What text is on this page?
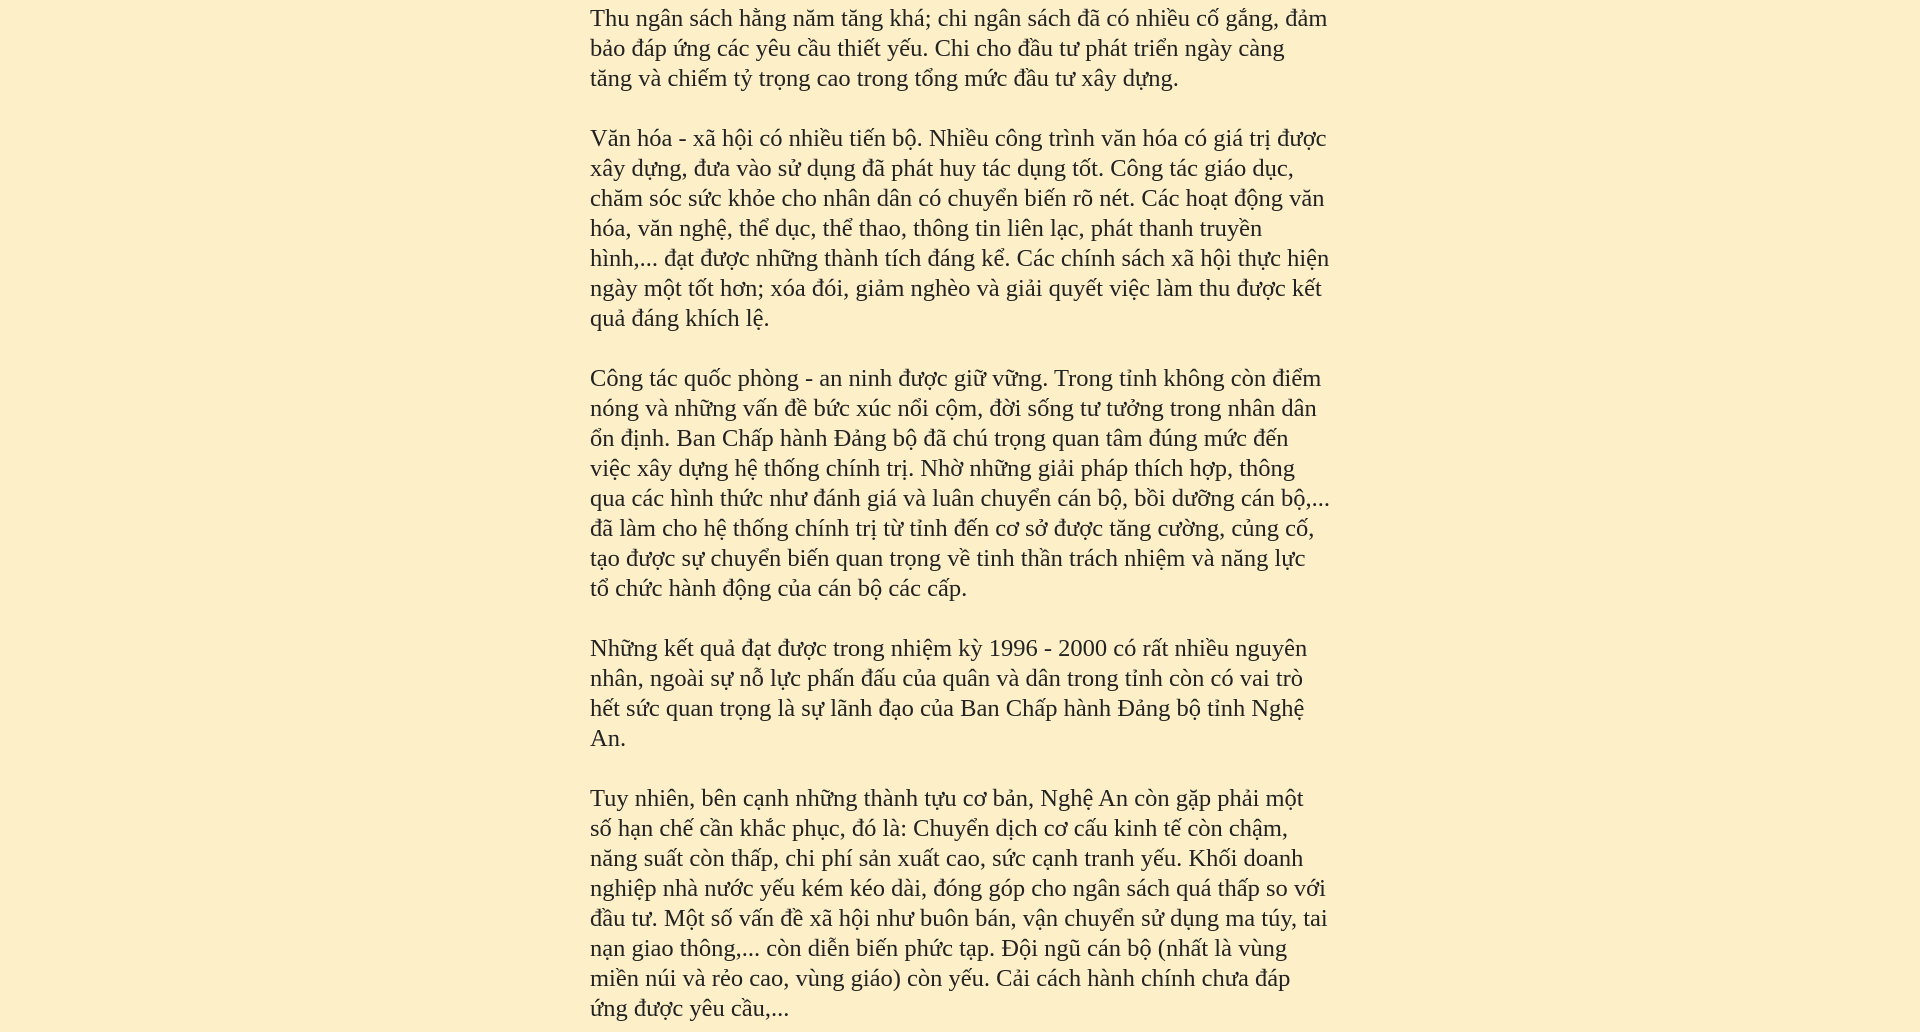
Thu ngân sách hằng năm tăng khá; chi ngân sách đã có nhiều cố gắng, đảm bảo đáp ứng các yêu cầu thiết yếu. Chi cho đầu tư phát triển ngày càng tăng và chiếm tỷ trọng cao trong tổng mức đầu tư xây dựng.

Văn hóa - xã hội có nhiều tiến bộ. Nhiều công trình văn hóa có giá trị được xây dựng, đưa vào sử dụng đã phát huy tác dụng tốt. Công tác giáo dục, chăm sóc sức khỏe cho nhân dân có chuyển biến rõ nét. Các hoạt động văn hóa, văn nghệ, thể dục, thể thao, thông tin liên lạc, phát thanh truyền hình,... đạt được những thành tích đáng kể. Các chính sách xã hội thực hiện ngày một tốt hơn; xóa đói, giảm nghèo và giải quyết việc làm thu được kết quả đáng khích lệ.

Công tác quốc phòng - an ninh được giữ vững. Trong tỉnh không còn điểm nóng và những vấn đề bức xúc nổi cộm, đời sống tư tưởng trong nhân dân ổn định. Ban Chấp hành Đảng bộ đã chú trọng quan tâm đúng mức đến việc xây dựng hệ thống chính trị. Nhờ những giải pháp thích hợp, thông qua các hình thức như đánh giá và luân chuyển cán bộ, bồi dưỡng cán bộ,... đã làm cho hệ thống chính trị từ tỉnh đến cơ sở được tăng cường, củng cố, tạo được sự chuyển biến quan trọng về tinh thần trách nhiệm và năng lực tổ chức hành động của cán bộ các cấp.

Những kết quả đạt được trong nhiệm kỳ 1996 - 2000 có rất nhiều nguyên nhân, ngoài sự nỗ lực phấn đấu của quân và dân trong tỉnh còn có vai trò hết sức quan trọng là sự lãnh đạo của Ban Chấp hành Đảng bộ tỉnh Nghệ An.

Tuy nhiên, bên cạnh những thành tựu cơ bản, Nghệ An còn gặp phải một số hạn chế cần khắc phục, đó là: Chuyển dịch cơ cấu kinh tế còn chậm, năng suất còn thấp, chi phí sản xuất cao, sức cạnh tranh yếu. Khối doanh nghiệp nhà nước yếu kém kéo dài, đóng góp cho ngân sách quá thấp so với đầu tư. Một số vấn đề xã hội như buôn bán, vận chuyển sử dụng ma túy, tai nạn giao thông,... còn diễn biến phức tạp. Đội ngũ cán bộ (nhất là vùng miền núi và rẻo cao, vùng giáo) còn yếu. Cải cách hành chính chưa đáp ứng được yêu cầu,...
